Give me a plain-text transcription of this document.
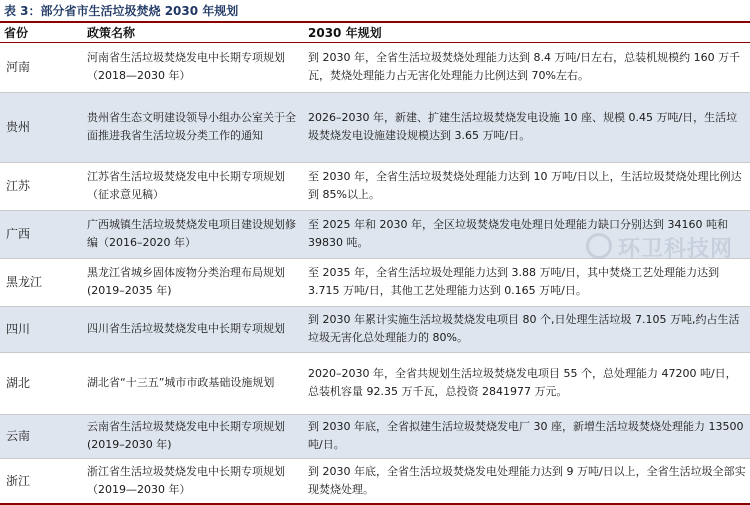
表 3：部分省市生活垃圾焚烧 2030 年规划
省份	政策名称	2030 年规划
河南	河南省生活垃圾焚烧发电中长期专项规划（2018—2030 年）	到 2030 年，全省生活垃圾焚烧处理能力达到 8.4 万吨/日左右，总装机规模约 160 万千瓦，焚烧处理能力占无害化处理能力比例达到 70%左右。
贵州	贵州省生态文明建设领导小组办公室关于全面推进我省生活垃圾分类工作的通知	2026–2030 年，新建、扩建生活垃圾焚烧发电设施 10 座、规模 0.45 万吨/日，生活垃圾焚烧发电设施建设规模达到 3.65 万吨/日。
江苏	江苏省生活垃圾焚烧发电中长期专项规划（征求意见稿）	至 2030 年，全省生活垃圾焚烧处理能力达到 10 万吨/日以上，生活垃圾焚烧处理比例达到 85%以上。
广西	广西城镇生活垃圾焚烧发电项目建设规划修编（2016–2020 年）	至 2025 年和 2030 年，全区垃圾焚烧发电处理日处理能力缺口分别达到 34160 吨和 39830 吨。
黑龙江	黑龙江省城乡固体废物分类治理布局规划(2019–2035 年)	至 2035 年，全省生活垃圾处理能力达到 3.88 万吨/日，其中焚烧工艺处理能力达到 3.715 万吨/日，其他工艺处理能力达到 0.165 万吨/日。
四川	四川省生活垃圾焚烧发电中长期专项规划	到 2030 年累计实施生活垃圾焚烧发电项目 80 个,日处理生活垃圾 7.105 万吨,约占生活垃圾无害化总处理能力的 80%。
湖北	湖北省“十三五”城市市政基础设施规划	2020–2030 年，全省共规划生活垃圾焚烧发电项目 55 个，总处理能力 47200 吨/日，总装机容量 92.35 万千瓦，总投资 2841977 万元。
云南	云南省生活垃圾焚烧发电中长期专项规划(2019–2030 年)	到 2030 年底，全省拟建生活垃圾焚烧发电厂 30 座，新增生活垃圾焚烧处理能力 13500 吨/日。
浙江	浙江省生活垃圾焚烧发电中长期专项规划（2019—2030 年）	到 2030 年底，全省生活垃圾焚烧发电处理能力达到 9 万吨/日以上，全省生活垃圾全部实现焚烧处理。
环卫科技网
